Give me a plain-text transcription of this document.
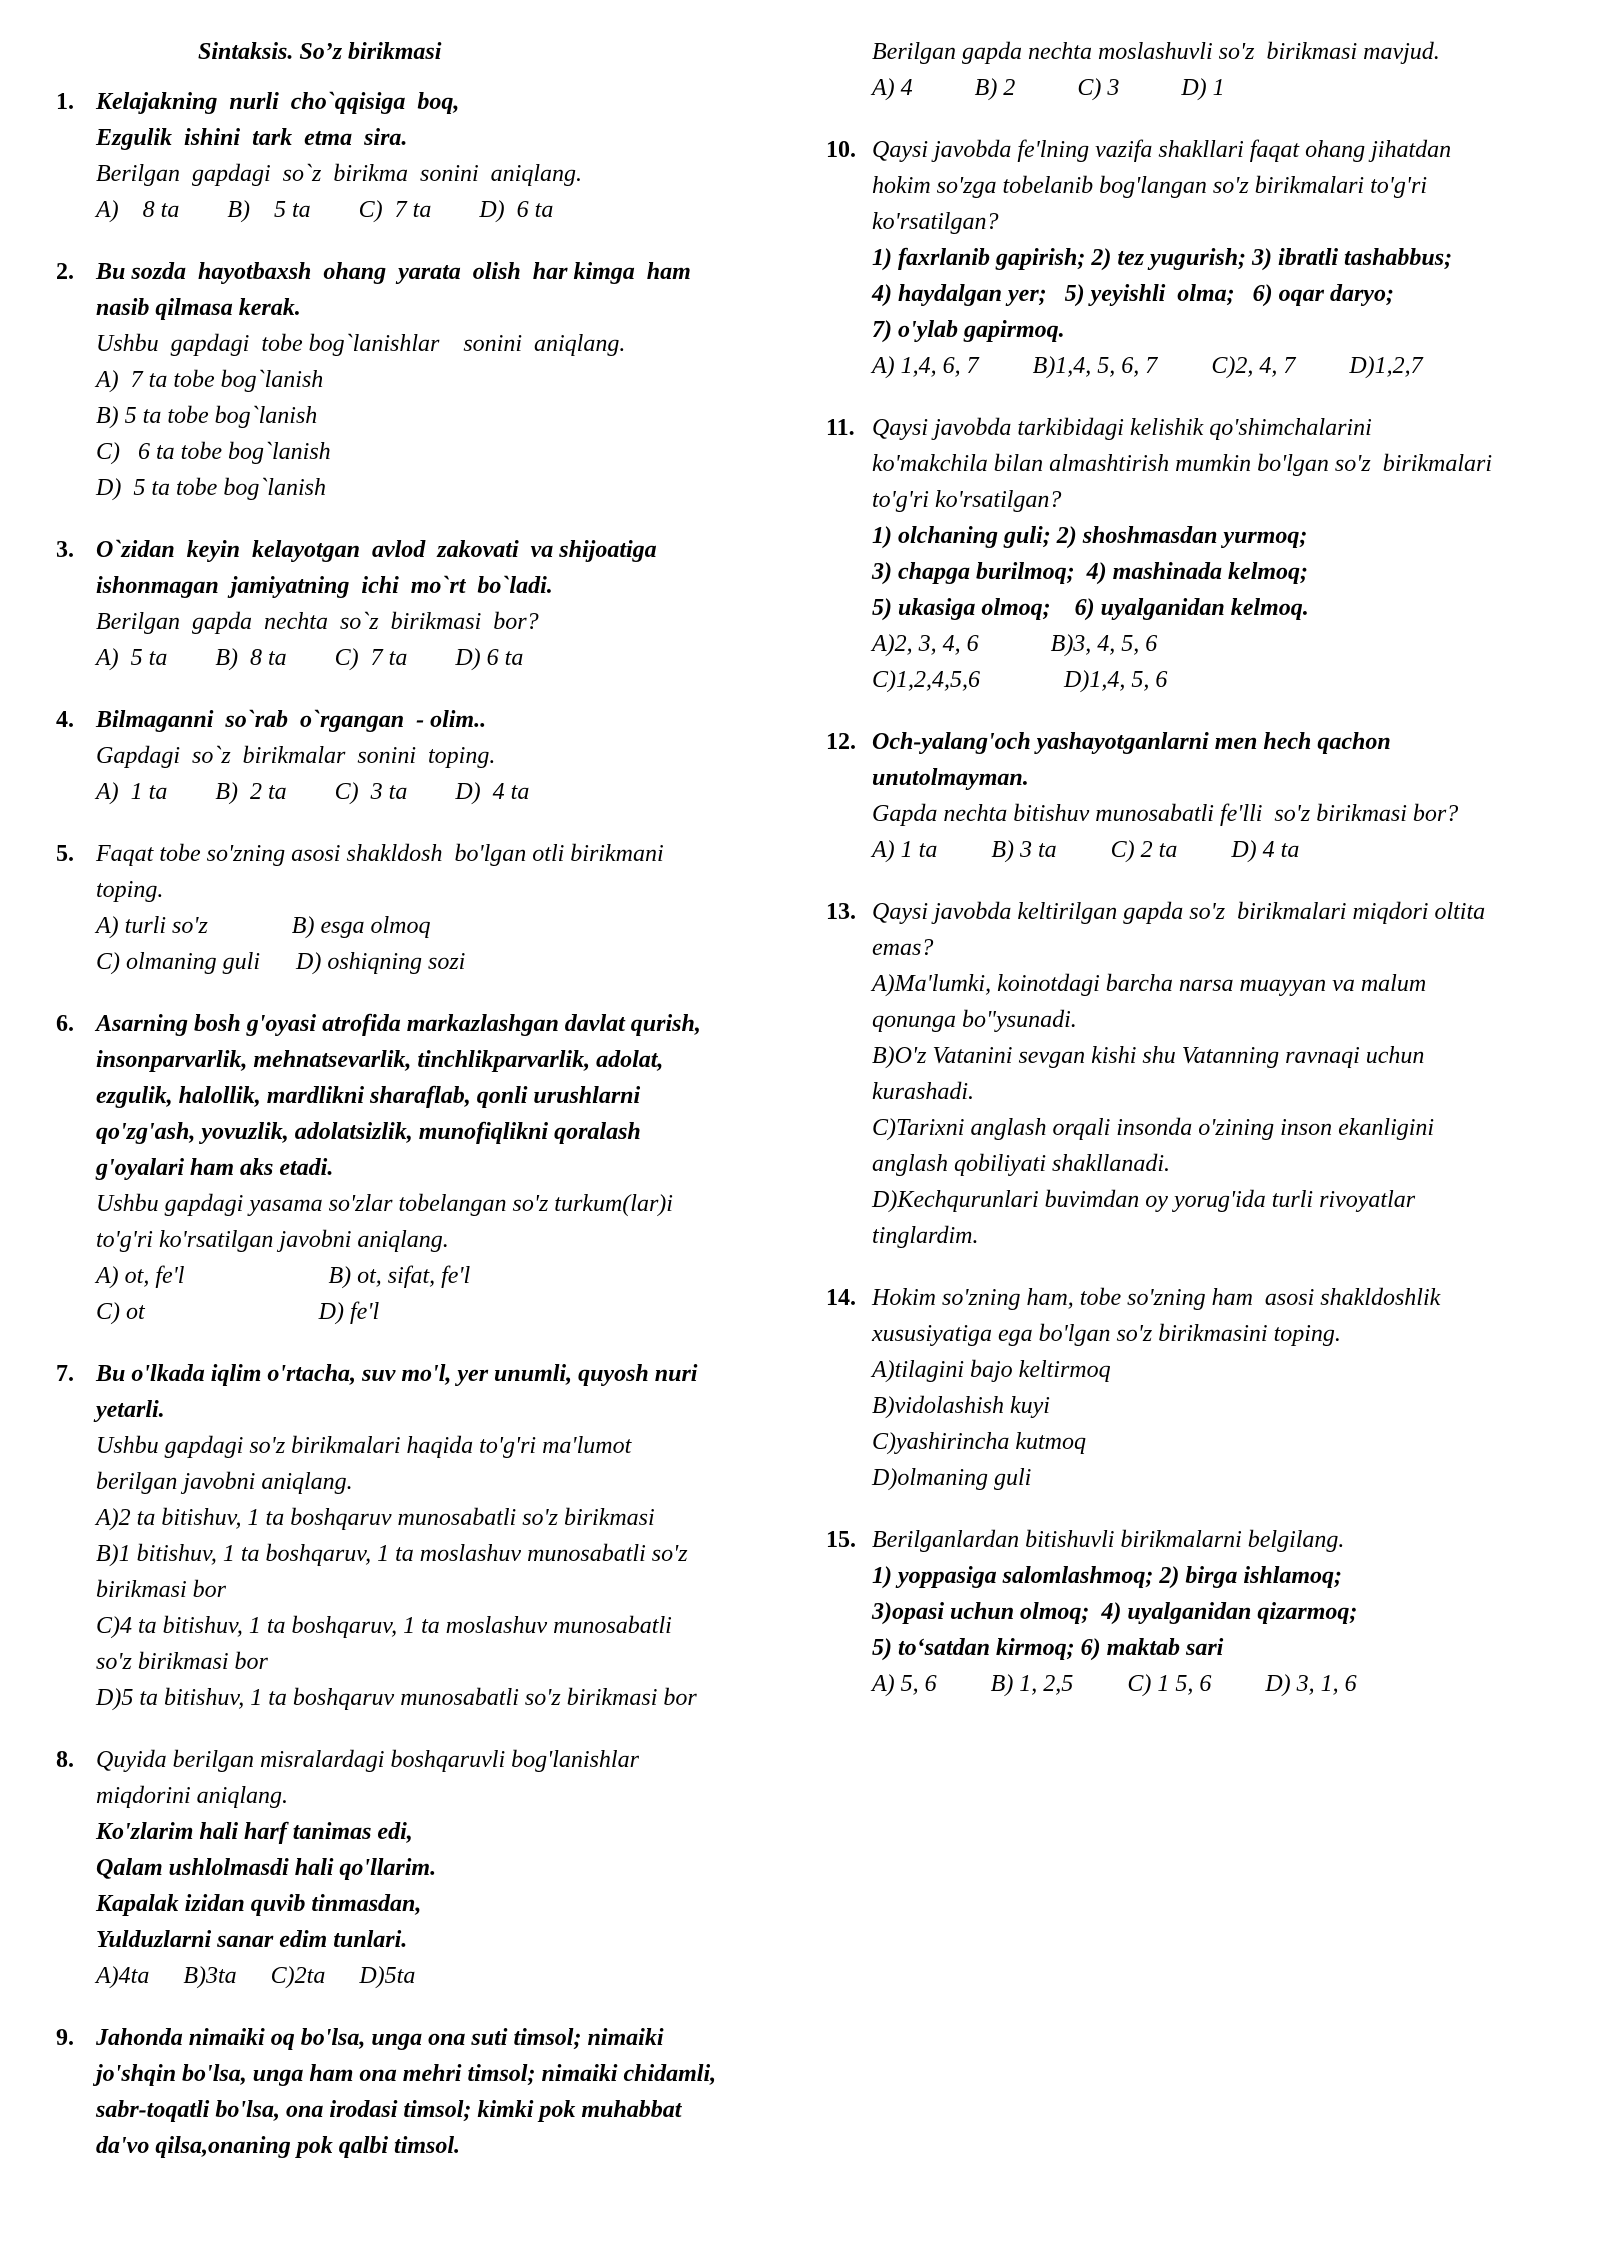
Sintaksis. So’z birikmasi
1. Kelajakning  nurli  cho`qqisiga  boq,
Ezgulik  ishini  tark  etma  sira.
Berilgan  gapdagi  so`z  birikma  sonini  aniqlang.
A)    8 ta B)    5 ta C)  7 ta D)  6 ta
2. Bu sozda  hayotbaxsh  ohang  yarata  olish  har kimga  ham
nasib qilmasa kerak.
Ushbu  gapdagi  tobe bog`lanishlar    sonini  aniqlang.
A)  7 ta tobe bog`lanish
B) 5 ta tobe bog`lanish
C)   6 ta tobe bog`lanish
D)  5 ta tobe bog`lanish
3. O`zidan  keyin  kelayotgan  avlod  zakovati  va shijoatiga
ishonmagan  jamiyatning  ichi  mo`rt  bo`ladi.
Berilgan  gapda  nechta  so`z  birikmasi  bor?
A)  5 ta B)  8 ta C)  7 ta D) 6 ta
4. Bilmaganni  so`rab  o`rgangan  - olim..
Gapdagi  so`z  birikmalar  sonini  toping.
A)  1 ta B)  2 ta C)  3 ta D)  4 ta
5. Faqat tobe so'zning asosi shakldosh  bo'lgan otli birikmani
toping.
A) turli so'z              B) esga olmoq
C) olmaning guli      D) oshiqning sozi
6. Asarning bosh g'oyasi atrofida markazlashgan davlat qurish,
insonparvarlik, mehnatsevarlik, tinchlikparvarlik, adolat,
ezgulik, halollik, mardlikni sharaflab, qonli urushlarni
qo'zg'ash, yovuzlik, adolatsizlik, munofiqlikni qoralash
g'oyalari ham aks etadi.
Ushbu gapdagi yasama so'zlar tobelangan so'z turkum(lar)i
to'g'ri ko'rsatilgan javobni aniqlang.
A) ot, fe'l                        B) ot, sifat, fe'l
C) ot                             D) fe'l
7. Bu o'lkada iqlim o'rtacha, suv mo'l, yer unumli, quyosh nuri
yetarli.
Ushbu gapdagi so'z birikmalari haqida to'g'ri ma'lumot
berilgan javobni aniqlang.
A)2 ta bitishuv, 1 ta boshqaruv munosabatli so'z birikmasi
B)1 bitishuv, 1 ta boshqaruv, 1 ta moslashuv munosabatli so'z
birikmasi bor
C)4 ta bitishuv, 1 ta boshqaruv, 1 ta moslashuv munosabatli
so'z birikmasi bor
D)5 ta bitishuv, 1 ta boshqaruv munosabatli so'z birikmasi bor
8. Quyida berilgan misralardagi boshqaruvli bog'lanishlar
miqdorini aniqlang.
Ko'zlarim hali harf tanimas edi,
Qalam ushlolmasdi hali qo'llarim.
Kapalak izidan quvib tinmasdan,
Yulduzlarni sanar edim tunlari.
A)4ta B)3ta C)2ta D)5ta
9. Jahonda nimaiki oq bo'lsa, unga ona suti timsol; nimaiki
jo'shqin bo'lsa, unga ham ona mehri timsol; nimaiki chidamli,
sabr-toqatli bo'lsa, ona irodasi timsol; kimki pok muhabbat
da'vo qilsa,onaning pok qalbi timsol.
Berilgan gapda nechta moslashuvli so'z  birikmasi mavjud.
A) 4	B) 2	C) 3	D) 1
10. Qaysi javobda fe'lning vazifa shakllari faqat ohang jihatdan
hokim so'zga tobelanib bog'langan so'z birikmalari to'g'ri
ko'rsatilgan?
1) faxrlanib gapirish; 2) tez yugurish; 3) ibratli tashabbus;
4) haydalgan yer;   5) yeyishli  olma;   6) oqar daryo;
7) o'ylab gapirmoq.
A) 1,4, 6, 7 B)1,4, 5, 6, 7 C)2, 4, 7 D)1,2,7
11. Qaysi javobda tarkibidagi kelishik qo'shimchalarini
ko'makchila bilan almashtirish mumkin bo'lgan so'z  birikmalari
to'g'ri ko'rsatilgan?
1) olchaning guli; 2) shoshmasdan yurmoq;
3) chapga burilmoq;  4) mashinada kelmoq;
5) ukasiga olmoq;    6) uyalganidan kelmoq.
A)2, 3, 4, 6            B)3, 4, 5, 6
C)1,2,4,5,6              D)1,4, 5, 6
12. Och-yalang'och yashayotganlarni men hech qachon
unutolmayman.
Gapda nechta bitishuv munosabatli fe'lli  so'z birikmasi bor?
A) 1 ta B) 3 ta C) 2 ta D) 4 ta
13. Qaysi javobda keltirilgan gapda so'z  birikmalari miqdori oltita
emas?
A)Ma'lumki, koinotdagi barcha narsa muayyan va malum
qonunga bo"ysunadi.
B)O'z Vatanini sevgan kishi shu Vatanning ravnaqi uchun
kurashadi.
C)Tarixni anglash orqali insonda o'zining inson ekanligini
anglash qobiliyati shakllanadi.
D)Kechqurunlari buvimdan oy yorug'ida turli rivoyatlar
tinglardim.
14. Hokim so'zning ham, tobe so'zning ham  asosi shakldoshlik
xususiyatiga ega bo'lgan so'z birikmasini toping.
A)tilagini bajo keltirmoq
B)vidolashish kuyi
C)yashirincha kutmoq
D)olmaning guli
15. Berilganlardan bitishuvli birikmalarni belgilang.
1) yoppasiga salomlashmoq; 2) birga ishlamoq;
3)opasi uchun olmoq;  4) uyalganidan qizarmoq;
5) to‘satdan kirmoq; 6) maktab sari
A) 5, 6 B) 1, 2,5 C) 1 5, 6 D) 3, 1, 6
